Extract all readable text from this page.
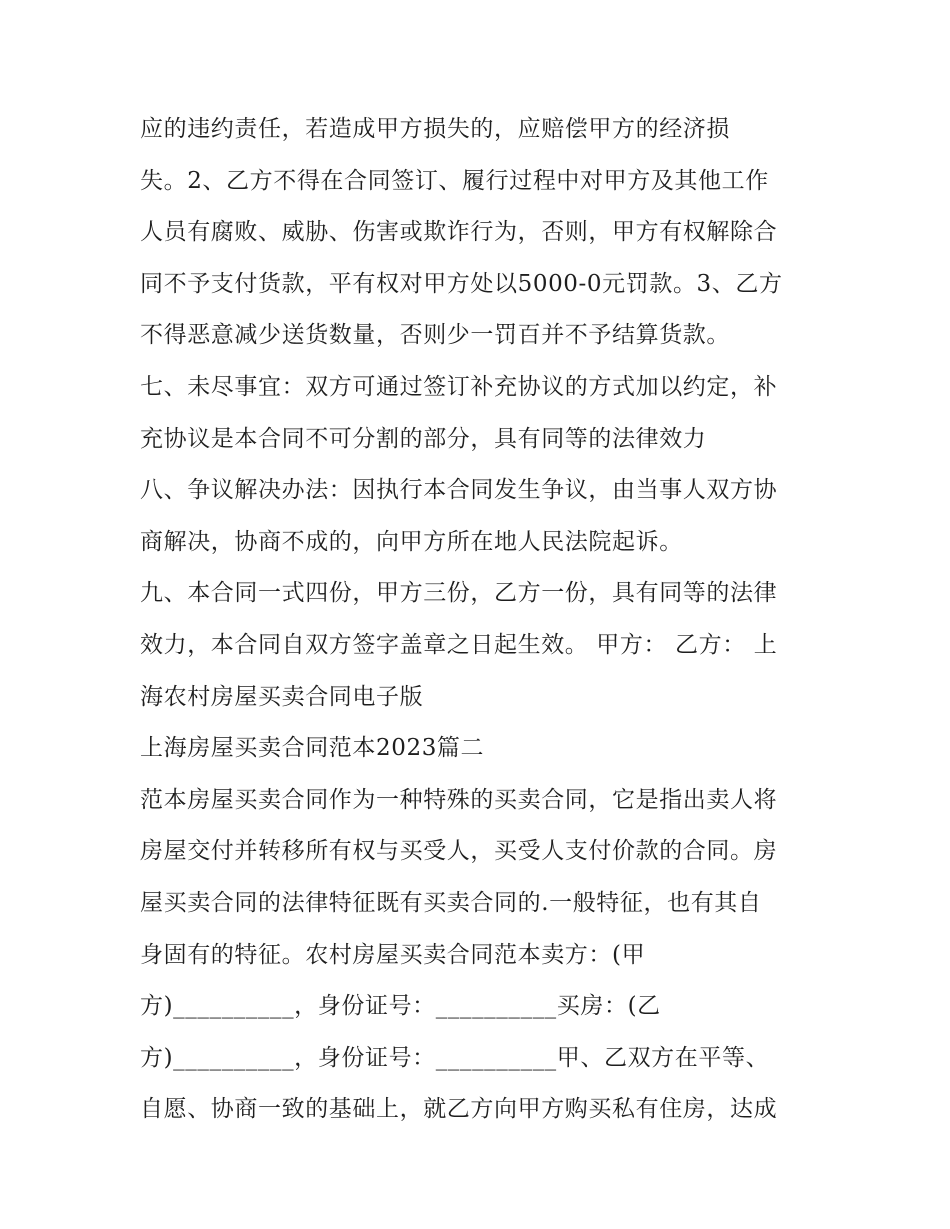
应的违约责任，若造成甲方损失的，应赔偿甲方的经济损
失。2、乙方不得在合同签订、履行过程中对甲方及其他工作
人员有腐败、威胁、伤害或欺诈行为，否则，甲方有权解除合
同不予支付货款，平有权对甲方处以5000-0元罚款。3、乙方
不得恶意减少送货数量，否则少一罚百并不予结算货款。
七、未尽事宜：双方可通过签订补充协议的方式加以约定，补
充协议是本合同不可分割的部分，具有同等的法律效力
八、争议解决办法：因执行本合同发生争议，由当事人双方协
商解决，协商不成的，向甲方所在地人民法院起诉。
九、本合同一式四份，甲方三份，乙方一份，具有同等的法律
效力，本合同自双方签字盖章之日起生效。 甲方： 乙方： 上
海农村房屋买卖合同电子版
上海房屋买卖合同范本2023篇二
范本房屋买卖合同作为一种特殊的买卖合同，它是指出卖人将
房屋交付并转移所有权与买受人，买受人支付价款的合同。房
屋买卖合同的法律特征既有买卖合同的.一般特征，也有其自
身固有的特征。农村房屋买卖合同范本卖方：(甲
方)__________，身份证号：__________买房：(乙
方)__________，身份证号：__________甲、乙双方在平等、
自愿、协商一致的基础上，就乙方向甲方购买私有住房，达成
